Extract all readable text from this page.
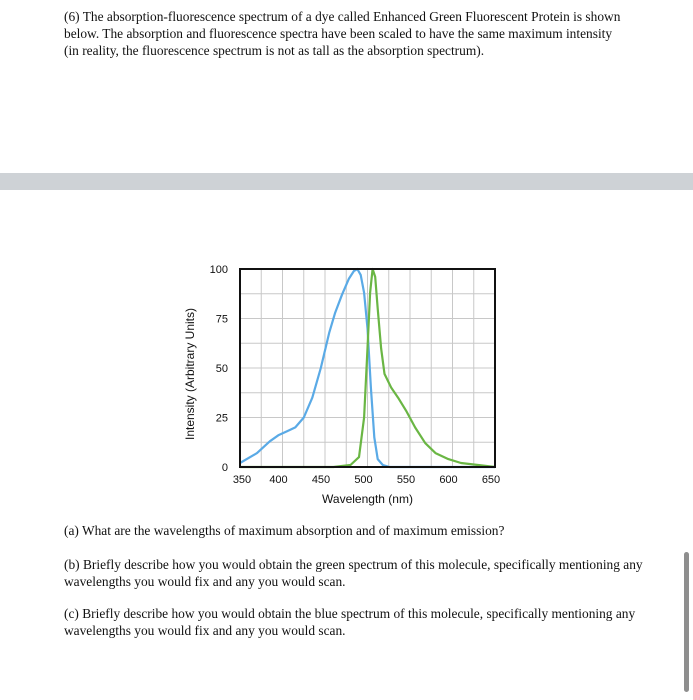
(6) The absorption-fluorescence spectrum of a dye called Enhanced Green Fluorescent Protein is shown below. The absorption and fluorescence spectra have been scaled to have the same maximum intensity (in reality, the fluorescence spectrum is not as tall as the absorption spectrum).

0
25
50
75
100
350 400 450 500 550 600 650
Wavelength (nm)
Intensity (Arbitrary Units)

(a) What are the wavelengths of maximum absorption and of maximum emission?

(b) Briefly describe how you would obtain the green spectrum of this molecule, specifically mentioning any wavelengths you would fix and any you would scan.

(c) Briefly describe how you would obtain the blue spectrum of this molecule, specifically mentioning any wavelengths you would fix and any you would scan.
